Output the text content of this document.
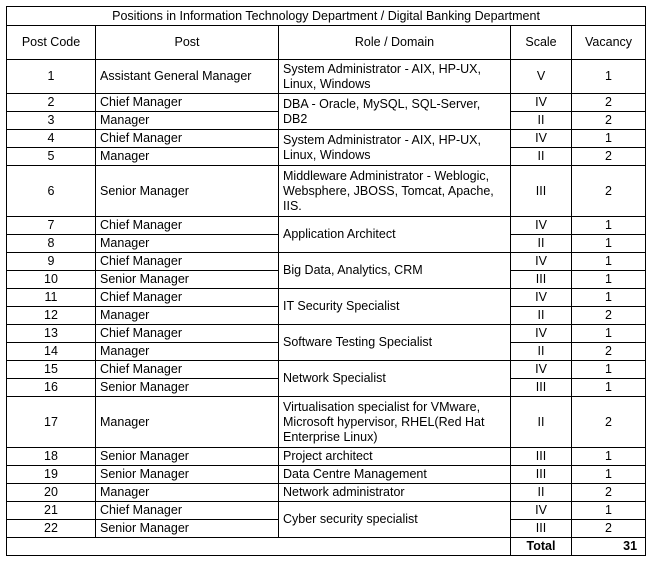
Positions in Information Technology Department / Digital Banking Department				
Post Code	Post	Role / Domain	Scale	Vacancy
1	Assistant General Manager	System Administrator - AIX, HP-UX, Linux, Windows	V	1
2	Chief Manager	DBA - Oracle, MySQL, SQL-Server, DB2	IV	2
3	Manager		II	2
4	Chief Manager	System Administrator - AIX, HP-UX, Linux, Windows	IV	1
5	Manager		II	2
6	Senior Manager	Middleware Administrator - Weblogic, Websphere, JBOSS, Tomcat, Apache, IIS.	III	2
7	Chief Manager	Application Architect	IV	1
8	Manager		II	1
9	Chief Manager	Big Data, Analytics, CRM	IV	1
10	Senior Manager		III	1
11	Chief Manager	IT Security Specialist	IV	1
12	Manager		II	2
13	Chief Manager	Software Testing Specialist	IV	1
14	Manager		II	2
15	Chief Manager	Network Specialist	IV	1
16	Senior Manager		III	1
17	Manager	Virtualisation specialist for VMware, Microsoft hypervisor, RHEL(Red Hat Enterprise Linux)	II	2
18	Senior Manager	Project architect	III	1
19	Senior Manager	Data Centre Management	III	1
20	Manager	Network administrator	II	2
21	Chief Manager	Cyber security specialist	IV	1
22	Senior Manager		III	2
			Total	31
